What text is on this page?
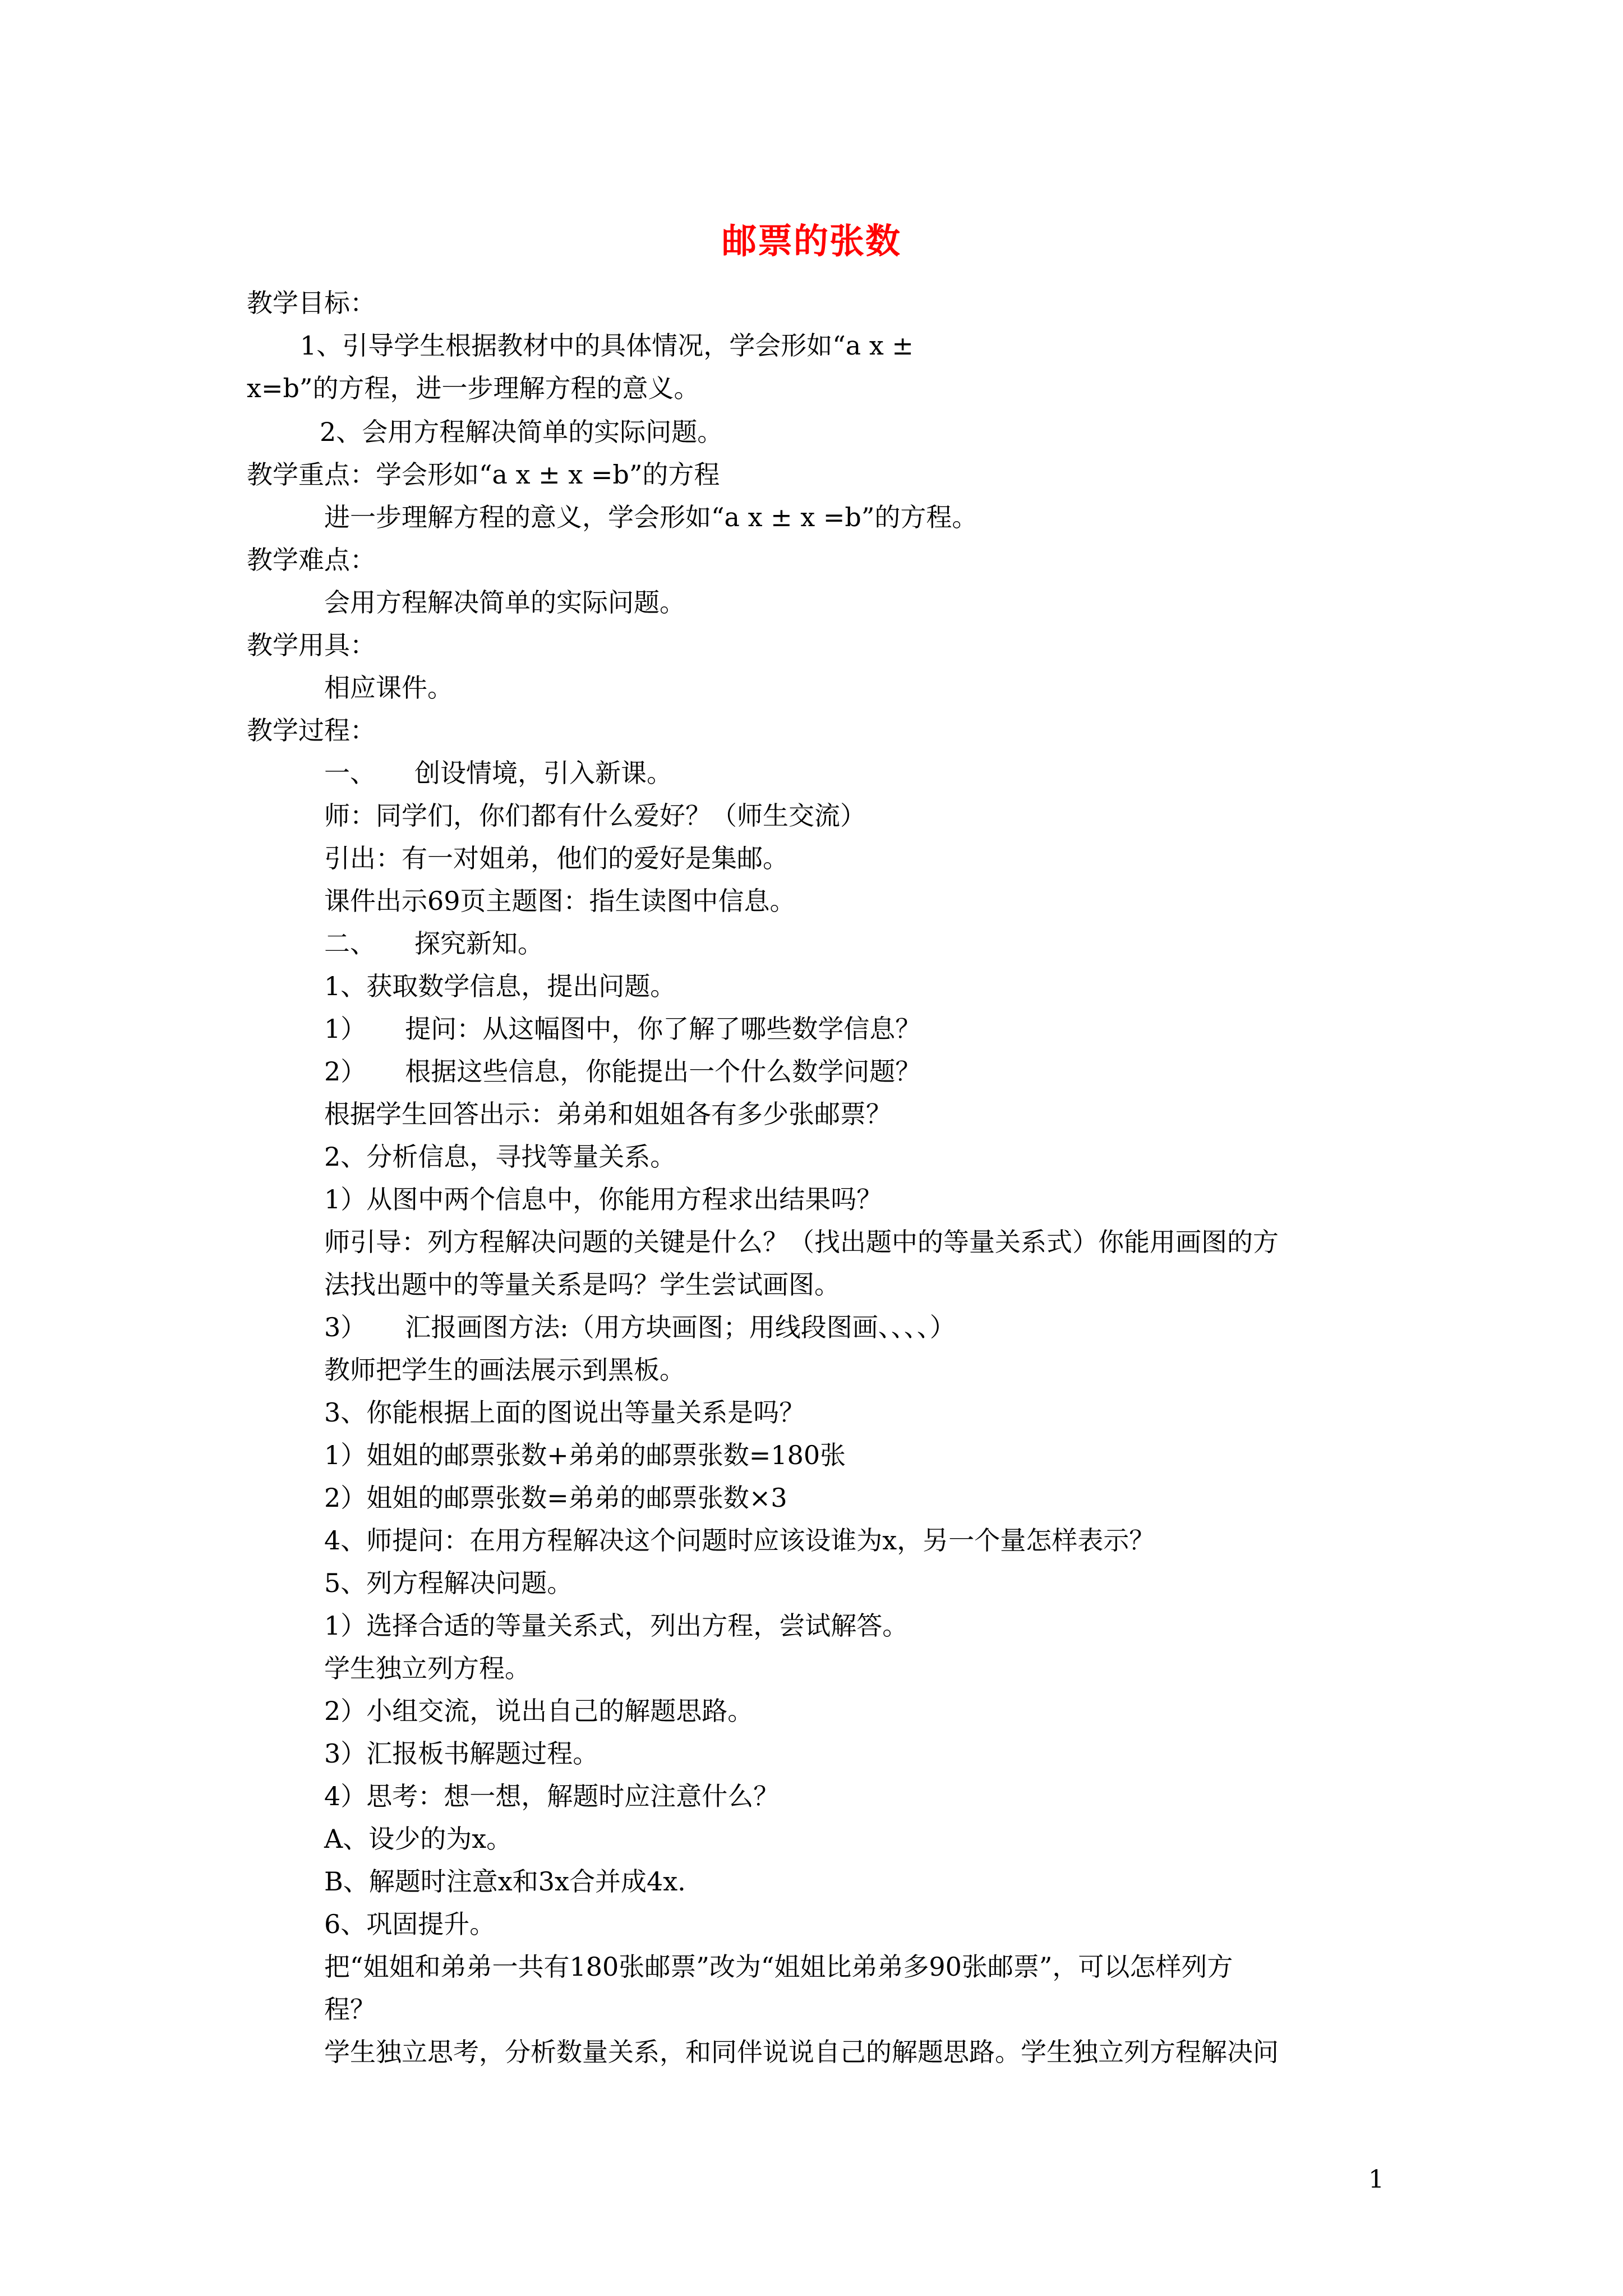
邮票的张数
教学目标：
1、引导学生根据教材中的具体情况，学会形如“a x ±
x=b”的方程，进一步理解方程的意义。
2、会用方程解决简单的实际问题。
教学重点：学会形如“a x ± x =b”的方程
进一步理解方程的意义，学会形如“a x ± x =b”的方程。
教学难点：
会用方程解决简单的实际问题。
教学用具：
相应课件。
教学过程：
一、　　创设情境，引入新课。
师：同学们，你们都有什么爱好？（师生交流）
引出：有一对姐弟，他们的爱好是集邮。
课件出示69页主题图：指生读图中信息。
二、　　探究新知。
1、获取数学信息，提出问题。
1）　　提问：从这幅图中，你了解了哪些数学信息？
2）　　根据这些信息，你能提出一个什么数学问题？
根据学生回答出示：弟弟和姐姐各有多少张邮票？
2、分析信息，寻找等量关系。
1）从图中两个信息中，你能用方程求出结果吗？
师引导：列方程解决问题的关键是什么？（找出题中的等量关系式）你能用画图的方
法找出题中的等量关系是吗？学生尝试画图。
3）　　汇报画图方法:（用方块画图；用线段图画、、、、）
教师把学生的画法展示到黑板。
3、你能根据上面的图说出等量关系是吗？
1）姐姐的邮票张数+弟弟的邮票张数=180张
2）姐姐的邮票张数=弟弟的邮票张数×3
4、师提问：在用方程解决这个问题时应该设谁为x，另一个量怎样表示？
5、列方程解决问题。
1）选择合适的等量关系式，列出方程，尝试解答。
学生独立列方程。
2）小组交流，说出自己的解题思路。
3）汇报板书解题过程。
4）思考：想一想，解题时应注意什么？
A、设少的为x。
B、解题时注意x和3x合并成4x.
6、巩固提升。
把“姐姐和弟弟一共有180张邮票”改为“姐姐比弟弟多90张邮票”，可以怎样列方
程？
学生独立思考，分析数量关系，和同伴说说自己的解题思路。学生独立列方程解决问
1
